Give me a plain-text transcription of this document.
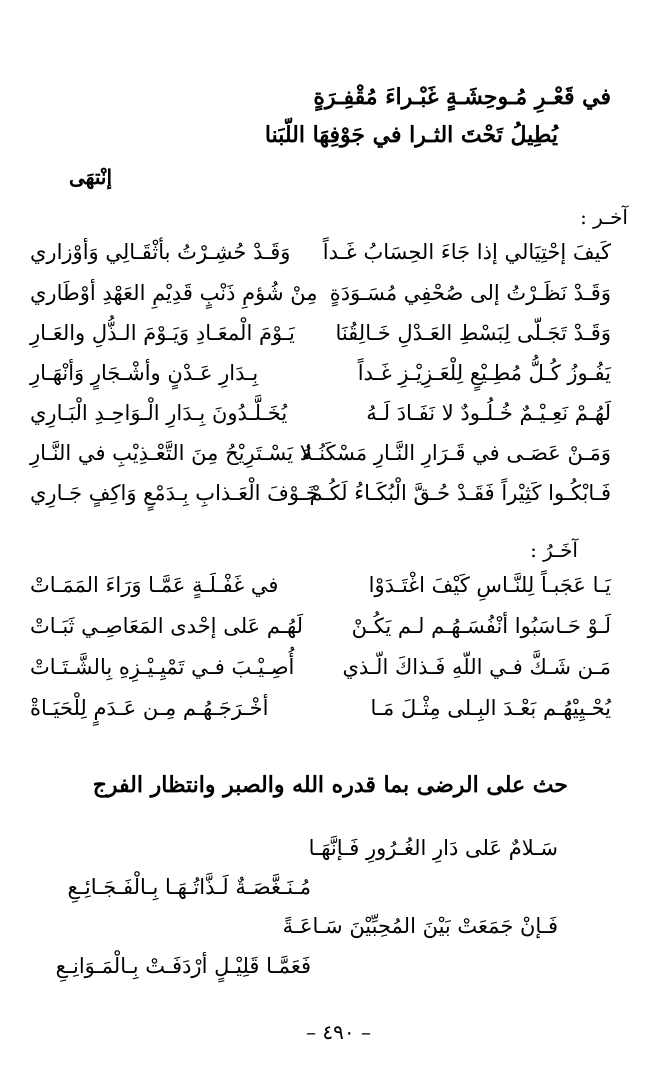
في قَعْـرِ مُـوحِشَـةٍ غَبْـراءَ مُقْفِـرَةٍ
يُطِيلُ تَحْتَ الثـرا في جَوْفِهَا اللّبَنا
إنْتهَى
آخـر :
كَيفَ إحْتِيَالي إذا جَاءَ الحِسَابُ غَـداً
وَقَـدْ حُشِـرْتُ بأثْقَـالِي وَأوْزاري
وَقَـدْ نَظَـرْتُ إلى صُحْفِي مُسَـوَدَةٍ
مِنْ شُؤمِ ذَنْبٍ قَدِيْمِ العَهْدِ أوْطَاري
وَقَـدْ تَجَـلّى لِبَسْطِ العَـدْلِ خَـالِقُنَا
يَـوْمَ الْمعَـادِ وَيَـوْمَ الـذُّلِ والعَـارِ
يَفُـوزُ كُـلُّ مُطِـيْعٍ لِلْعَـزِيْـزِ غَـداً
بِـدَارِ عَـدْنٍ وأشْـجَارٍ وَأنْهَـارِ
لَهُـمْ نَعِـيْـمٌ خُـلُـودٌ لا نَفَـادَ لَـهُ
يُخَـلَّـدُونَ بِـدَارِ الْـوَاحِـدِ الْبَـارِي
وَمَـنْ عَصَـى في قَـرَارِ النَّـارِ مَسْكَنُـهُ
لا يَسْـتَرِيْحُ مِنَ التَّعْـذِيْبِ في النَّـارِ
فَـابْكُـوا كَثِيْراً فَقَـدْ حُـقَّ الْبُكَـاءُ لَكُـمْ
خَـوْفَ الْعَـذابِ بِـدَمْعٍ وَاكِفٍ جَـارِي
آخَـرُ :
يَـا عَجَبـاً لِلنَّـاسِ كَيْفَ اغْتَـدَوْا
في غَفْـلَـةٍ عَمَّـا وَرَاءَ المَمَـاتْ
لَـوْ حَـاسَبُوا أنْفُسَـهُـم لـم يَكُـنْ
لَهُـم عَلى إحْدى المَعَاصِـي ثَبَـاتْ
مَـن شَـكَّ فـي اللّهِ فَـذاكَ الّـذي
أُصِـيْـبَ فـي تَمْيِـيْـزِهِ بِالشَّـتَـاتْ
يُحْـيِيْهُـم بَعْـدَ البِـلى مِثْـلَ مَـا
أخْـرَجَـهُـم مِـن عَـدَمٍ لِلْحَيَـاةْ
حث على الرضى بما قدره الله والصبر وانتظار الفرج
سَـلامٌ عَلى دَارِ الغُـرُورِ فَـإنَّهَـا
مُـنَـغَّصَـةٌ لَـذَّاتُـهَـا بِـالْفَـجَـائِـعِ
فَـإنْ جَمَعَتْ بَيْنَ المُحِبِّيْنَ سَـاعَـةً
فَعَمَّـا قَلِيْـلٍ أرْدَفَـتْ بِـالْمَـوَانِـعِ
– ٤٩٠ –
